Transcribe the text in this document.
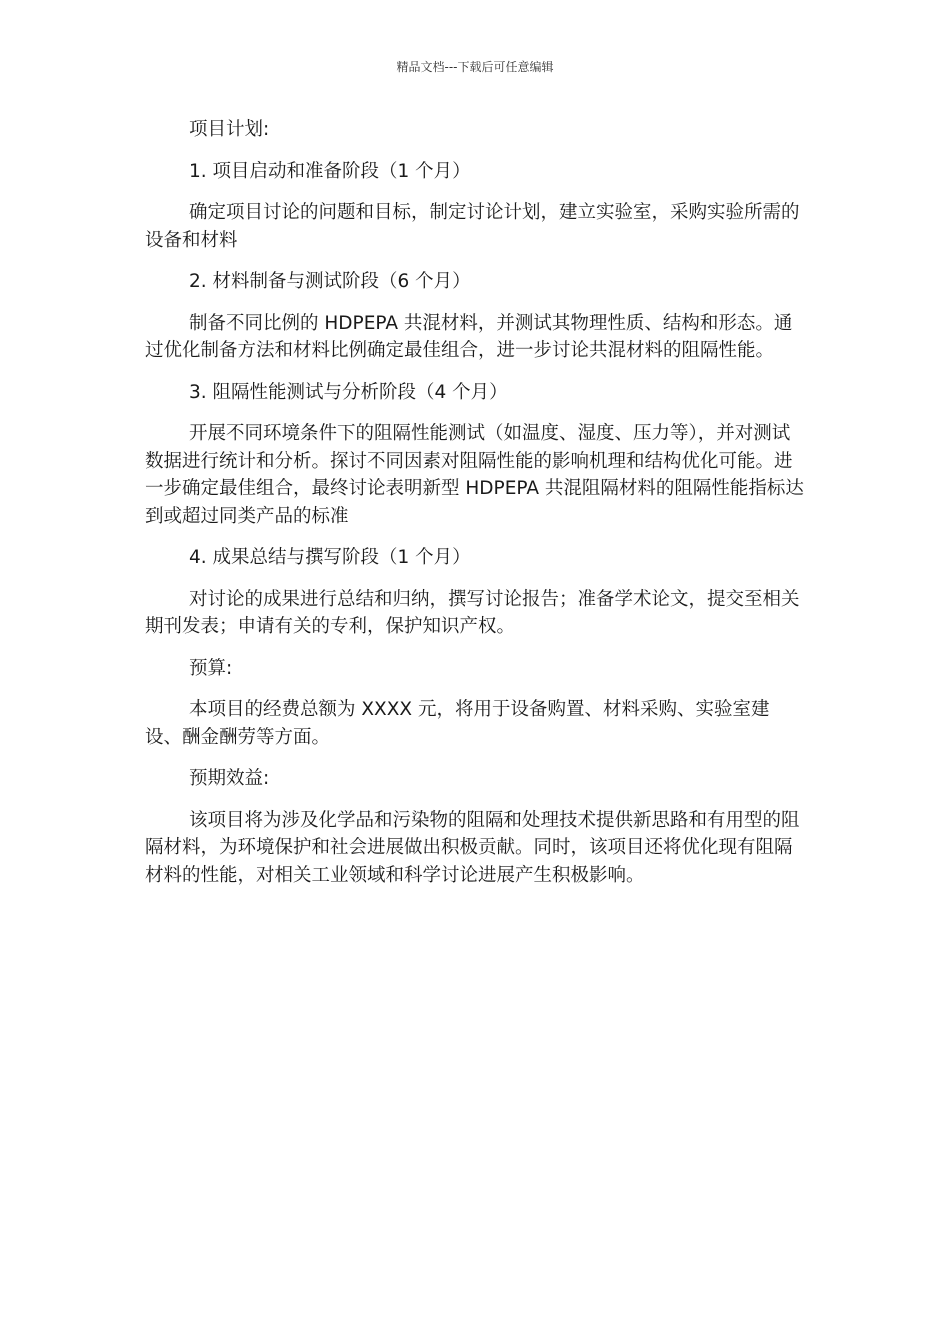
精品文档---下载后可任意编辑

项目计划:

1. 项目启动和准备阶段（1 个月）

确定项目讨论的问题和目标，制定讨论计划，建立实验室，采购实验所需的设备和材料

2. 材料制备与测试阶段（6 个月）

制备不同比例的 HDPEPA 共混材料，并测试其物理性质、结构和形态。通过优化制备方法和材料比例确定最佳组合，进一步讨论共混材料的阻隔性能。

3. 阻隔性能测试与分析阶段（4 个月）

开展不同环境条件下的阻隔性能测试（如温度、湿度、压力等），并对测试数据进行统计和分析。探讨不同因素对阻隔性能的影响机理和结构优化可能。进一步确定最佳组合，最终讨论表明新型 HDPEPA 共混阻隔材料的阻隔性能指标达到或超过同类产品的标准

4. 成果总结与撰写阶段（1 个月）

对讨论的成果进行总结和归纳，撰写讨论报告；准备学术论文，提交至相关期刊发表；申请有关的专利，保护知识产权。

预算:

本项目的经费总额为 XXXX 元，将用于设备购置、材料采购、实验室建设、酬金酬劳等方面。

预期效益:

该项目将为涉及化学品和污染物的阻隔和处理技术提供新思路和有用型的阻隔材料，为环境保护和社会进展做出积极贡献。同时，该项目还将优化现有阻隔材料的性能，对相关工业领域和科学讨论进展产生积极影响。
